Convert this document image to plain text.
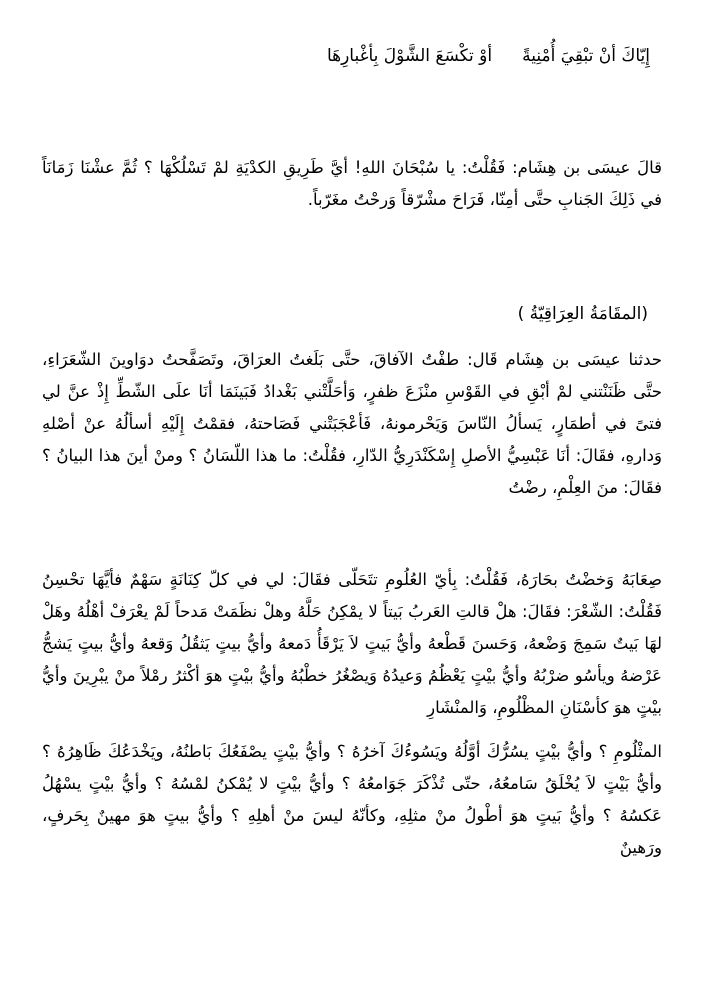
إِيّاكَ أنْ تبْقِيَ أُمْنِيةًأوْ تكْسَعَ الشَّوْلَ بِأغْبارِهَا
قالَ عيسَى بن هِشَام: فَقُلْتُ: يا سُبْحَانَ اللهِ! أيَّ طَرِيقِ الكدْيَةِ لمْ تَسْلُكْهَا ؟ ثُمَّ عشْنَا زَمَانَاً في ذَلِكَ الجَنابِ حتَّى أمِنّا، فَرَاحَ مشْرّقاً وَرحْتُ مغَرّباً.
(المقَامَةُ العِرَاقِيّةُ )
حدثنا عيسَى بن هِشَام قَال: طفْتُ الآفاقَ، حتَّى بَلَغتُ العرَاقَ، وتَصَفَّحتُ دوَاوينَ الشّعَرَاءِ، حتَّى ظَنَنْتني لمْ أبْقِ في القَوْسِ منْزَعَ ظفرٍ، وَأحَلَّتْني بَغْدادُ فَبَينَمَا أنَا علَى الشّطِّ إِذْ عنَّ لي فتىً في أطمَارٍ، يَسألُ النّاسَ وَيَحْرمونهُ، فَأعْجَبَتْني فَصَاحتهُ، فقمْتُ إِلَيْهِ أسألُهُ عنْ أصْلهِ وَدارهِ، فقَالَ: أنَا عَبْسِيُّ الأصلِ إِسْكَنْدَرِيُّ الدّارِ، فقُلْتُ: ما هذا اللّسَانُ ؟ ومنْ أينَ هذا البيانُ ؟ فقَالَ: منَ العِلْمِ، رضْتُ
صِعَابَهُ وَخضْتُ بحَارَهُ، فَقُلْتُ: بِأيّ العُلُومِ تتَحَلّى فقَالَ: لي في كلّ كِنَانَةٍ سَهْمٌ فأيَّهَا تحْسِنُ فَقُلْتُ: الشّعْرَ: فقَالَ: هلْ قالتِ العَربُ بَيتاً لا يمْكِنُ حَلَّهُ وهلْ نظَمَتْ مَدحاً لَمْ يعْرَفْ أهْلُهُ وهَلْ لهَا بَيتٌ سَمِجَ وَضْعهُ، وَحَسنَ قَطْعهُ وأيُّ بَيتٍ لاَ يَرْقَأُ دَمعهُ وأيُّ بيتٍ يَثقُلُ وَقعهُ وأيُّ بيتٍ يَشجُّ عَرْضهُ ويأسُو ضرْبُهُ وأيُّ بيْتٍ يَعْظُمُ وَعيدُهُ وَيصْغُرُ خطْبُهُ وأيُّ بيْتٍ هوَ أكْثرُ رمْلاً منْ يبْرِينَ وأيُّ بيْتٍ هوَ كأسْنَانِ المظْلُومِ، وَالمنْشَارِ
المثْلُومِ ؟ وأيُّ بيْتٍ يسُرُّكَ أوَّلُهُ ويَسُوءُكَ آخرُهُ ؟ وأيُّ بيْتٍ يصْفَعُكَ بَاطنُهُ، ويَخْدَعُكَ ظَاهِرُهُ ؟ وأيُّ بَيْتٍ لاَ يُخْلَقُ سَامعُهُ، حتّى تُذْكَرَ جَوَامعُهُ ؟ وأيُّ بيْتٍ لا يُمْكنُ لمْسُهُ ؟ وأيُّ بيْتٍ يسْهُلُ عَكسُهُ ؟ وأيُّ بَيتٍ هوَ أطْولُ منْ مثلِهِ، وكأنّهُ ليسَ منْ أهلِهِ ؟ وأيُّ بيتٍ هوَ مهينٌ بِحَرفٍ، ورَهينٌ
